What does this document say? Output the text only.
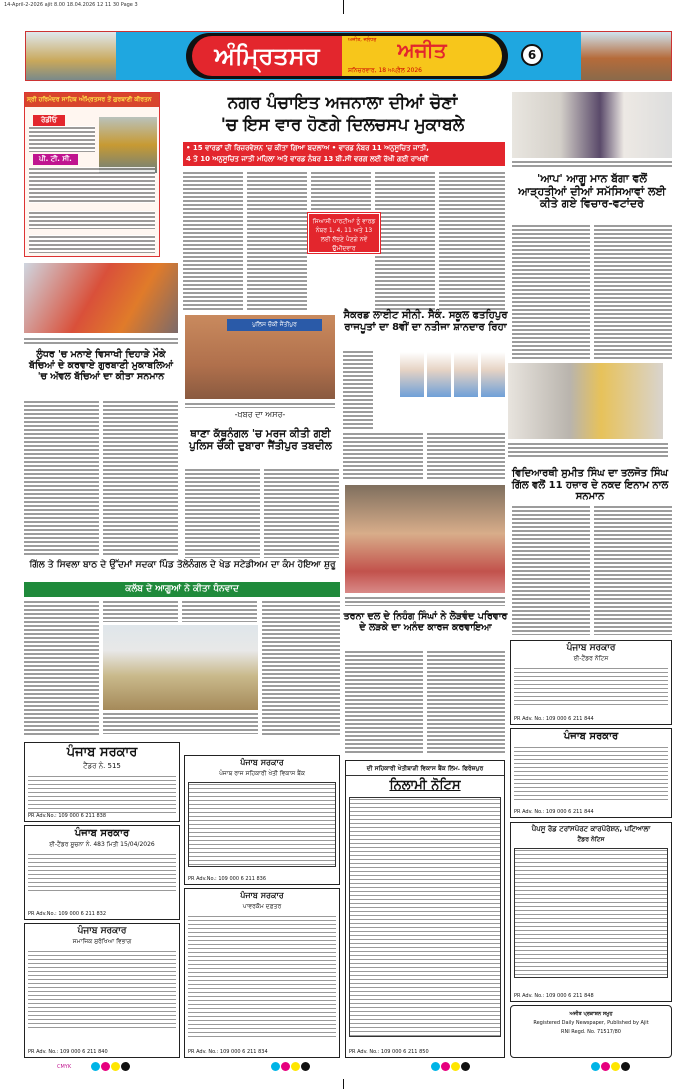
14-April-2-2026 ajit 8.00 18.04.2026 12 11 30 Page 3
ਅੰਮ੍ਰਿਤਸਰ
ਅਜੀਤ, ਜਲੰਧਰ	ਅਜੀਤ
ਸ਼ਨਿਚਰਵਾਰ, 18 ਅਪ੍ਰੈਲ 2026
6
ਸ੍ਰੀ ਹਰਿਮੰਦਰ ਸਾਹਿਬ ਅੰਮ੍ਰਿਤਸਰ ਤੋਂ ਗੁਰਬਾਣੀ ਕੀਰਤਨ
ਰੇਡੀਓ
ਪੀ. ਟੀ. ਸੀ.
ਲੁੰਧਰ 'ਚ ਮਨਾਏ ਵਿਸਾਖੀ ਦਿਹਾੜੇ ਮੌਕੇ ਬੱਚਿਆਂ ਦੇ ਕਰਵਾਏ ਗੁਰਬਾਣੀ ਮੁਕਾਬਲਿਆਂ 'ਚ ਅੱਵਲ ਬੱਚਿਆਂ ਦਾ ਕੀਤਾ ਸਨਮਾਨ
ਨਗਰ ਪੰਚਾਇਤ ਅਜਨਾਲਾ ਦੀਆਂ ਚੋਣਾਂ
'ਚ ਇਸ ਵਾਰ ਹੋਣਗੇ ਦਿਲਚਸਪ ਮੁਕਾਬਲੇ
• 15 ਵਾਰਡਾਂ ਦੀ ਰਿਜ਼ਰਵੇਸ਼ਨ 'ਚ ਕੀਤਾ ਗਿਆ ਬਦਲਾਅ • ਵਾਰਡ ਨੰਬਰ 11 ਅਨੁਸੂਚਿਤ ਜਾਤੀ,
4 ਤੇ 10 ਅਨੁਸੂਚਿਤ ਜਾਤੀ ਮਹਿਲਾ ਅਤੇ ਵਾਰਡ ਨੰਬਰ 13 ਬੀ.ਸੀ ਵਰਗ ਲਈ ਰੱਖੀ ਗਈ ਰਾਖਵੀਂ
ਸਿਆਸੀ ਪਾਰਟੀਆਂ ਨੂੰ ਵਾਰਡ ਨੰਬਰ 1, 4, 11 ਅਤੇ 13 ਲਈ ਲੱਭਣੇ ਪੈਣਗੇ ਨਵੇਂ ਉਮੀਦਵਾਰ
'ਆਪ' ਆਗੂ ਮਾਨ ਬੱਗਾ ਵਲੋਂ ਆੜ੍ਹਤੀਆਂ ਦੀਆਂ ਸਮੱਸਿਆਵਾਂ ਲਈ ਕੀਤੇ ਗਏ ਵਿਚਾਰ-ਵਟਾਂਦਰੇ
ਪੁਲਿਸ ਚੌਕੀ ਜੈਂਤੀਪੁਰ
-ਖ਼ਬਰ ਦਾ ਅਸਰ-
ਥਾਣਾ ਕੱਥੂਨੰਗਲ 'ਚ ਮਰਜ ਕੀਤੀ ਗਈ ਪੁਲਿਸ ਚੌਕੀ ਦੁਬਾਰਾ ਜੈਂਤੀਪੁਰ ਤਬਦੀਲ
ਸੈਕਰਡ ਲਾਈਟ ਸੀਨੀ. ਸੈਕੰ. ਸਕੂਲ ਫਤਹਿਪੁਰ ਰਾਜਪੂਤਾਂ ਦਾ 8ਵੀਂ ਦਾ ਨਤੀਜਾ ਸ਼ਾਨਦਾਰ ਰਿਹਾ
ਵਿਦਿਆਰਥੀ ਸੁਮੀਤ ਸਿੰਘ ਦਾ ਤਲਜੋਤ ਸਿੰਘ ਗਿੱਲ ਵਲੋਂ 11 ਹਜ਼ਾਰ ਦੇ ਨਕਦ ਇਨਾਮ ਨਾਲ ਸਨਮਾਨ
ਤਰਨਾ ਦਲ ਦੇ ਨਿਹੰਗ ਸਿੰਘਾਂ ਨੇ ਲੋੜਵੰਦ ਪਰਿਵਾਰ ਦੇ ਲੜਕੇ ਦਾ ਅਨੰਦ ਕਾਰਜ ਕਰਵਾਇਆ
ਗਿੱਲ ਤੇ ਸਿਵਲਾ ਬਾਠ ਦੇ ਉੱਦਮਾਂ ਸਦਕਾ ਪਿੰਡ ਤੋਲੇਨੰਗਲ ਦੇ ਖੇਡ ਸਟੇਡੀਅਮ ਦਾ ਕੰਮ ਹੋਇਆ ਸ਼ੁਰੂ
ਕਲੱਬ ਦੇ ਆਗੂਆਂ ਨੇ ਕੀਤਾ ਧੰਨਵਾਦ
ਪੰਜਾਬ ਸਰਕਾਰ
ਟੈਂਡਰ ਨੰ. 515
PR Adv.No.: 109 000 6 211 838
ਪੰਜਾਬ ਸਰਕਾਰ
ਈ-ਟੈਂਡਰ ਸੂਚਨਾ ਨੰ. 483 ਮਿਤੀ 15/04/2026
PR Adv.No.: 109 000 6 211 832
ਪੰਜਾਬ ਸਰਕਾਰ
ਸਮਾਜਿਕ ਸੁਰੱਖਿਆ ਵਿਭਾਗ
PR Adv. No.: 109 000 6 211 840
ਪੰਜਾਬ ਸਰਕਾਰ
ਪੰਜਾਬ ਰਾਜ ਸਹਿਕਾਰੀ ਖੇਤੀ ਵਿਕਾਸ ਬੈਂਕ
PR Adv.No.: 109 000 6 211 836
ਪੰਜਾਬ ਸਰਕਾਰ
ਪਾਵਰਕੌਮ ਦਫ਼ਤਰ
PR Adv. No.: 109 000 6 211 834
ਦੀ ਸਹਿਕਾਰੀ ਖੇਤੀਬਾੜੀ ਵਿਕਾਸ ਬੈਂਕ ਲਿਮ. ਫਿਰੋਜ਼ਪੁਰ
ਨਿਲਾਮੀ ਨੋਟਿਸ
PR Adv. No.: 109 000 6 211 850
ਪੰਜਾਬ ਸਰਕਾਰ
ਈ-ਟੈਂਡਰ ਨੋਟਿਸ
PR Adv. No.: 109 000 6 211 844
ਪੰਜਾਬ ਸਰਕਾਰ
PR Adv. No.: 109 000 6 211 844
ਪੈਪਸੂ ਰੋਡ ਟਰਾਂਸਪੋਰਟ ਕਾਰਪੋਰੇਸ਼ਨ, ਪਟਿਆਲਾ
ਟੈਂਡਰ ਨੋਟਿਸ
PR Adv. No.: 109 000 6 211 848
ਅਜੀਤ ਪ੍ਰਕਾਸ਼ਨ ਸਮੂਹ
Registered Daily Newspaper, Published by Ajit
RNI Regd. No. 71517/80
CMYK
